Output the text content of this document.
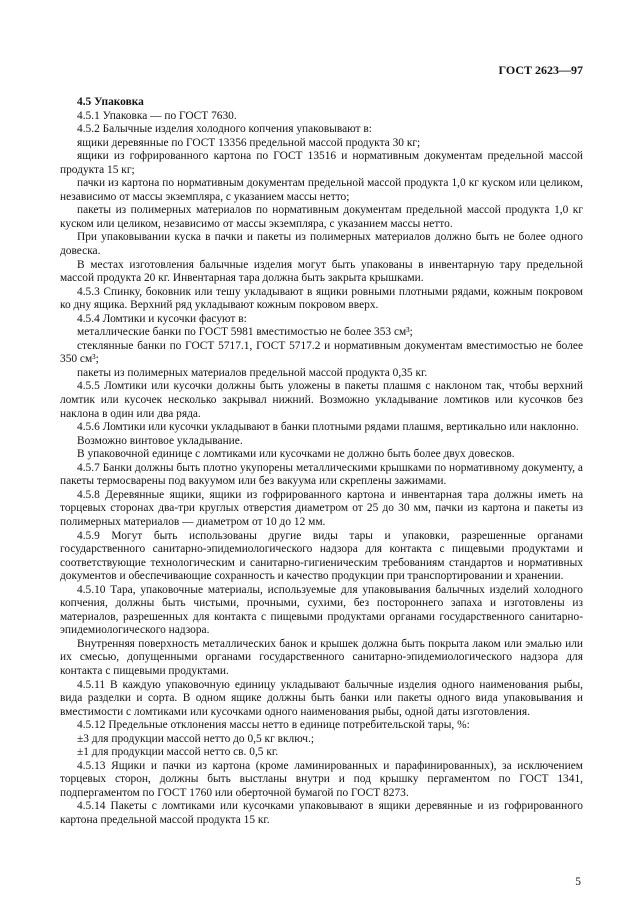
ГОСТ 2623—97

4.5 Упаковка

4.5.1 Упаковка — по ГОСТ 7630.

4.5.2 Балычные изделия холодного копчения упаковывают в:

ящики деревянные по ГОСТ 13356 предельной массой продукта 30 кг;

ящики из гофрированного картона по ГОСТ 13516 и нормативным документам предельной массой продукта 15 кг;

пачки из картона по нормативным документам предельной массой продукта 1,0 кг куском или целиком, независимо от массы экземпляра, с указанием массы нетто;

пакеты из полимерных материалов по нормативным документам предельной массой продукта 1,0 кг куском или целиком, независимо от массы экземпляра, с указанием массы нетто.

При упаковывании куска в пачки и пакеты из полимерных материалов должно быть не более одного довеска.

В местах изготовления балычные изделия могут быть упакованы в инвентарную тару предельной массой продукта 20 кг. Инвентарная тара должна быть закрыта крышками.

4.5.3 Спинку, боковник или тешу укладывают в ящики ровными плотными рядами, кожным покровом ко дну ящика. Верхний ряд укладывают кожным покровом вверх.

4.5.4 Ломтики и кусочки фасуют в:

металлические банки по ГОСТ 5981 вместимостью не более 353 см³;

стеклянные банки по ГОСТ 5717.1, ГОСТ 5717.2 и нормативным документам вместимостью не более 350 см³;

пакеты из полимерных материалов предельной массой продукта 0,35 кг.

4.5.5 Ломтики или кусочки должны быть уложены в пакеты плашмя с наклоном так, чтобы верхний ломтик или кусочек несколько закрывал нижний. Возможно укладывание ломтиков или кусочков без наклона в один или два ряда.

4.5.6 Ломтики или кусочки укладывают в банки плотными рядами плашмя, вертикально или наклонно.

Возможно винтовое укладывание.

В упаковочной единице с ломтиками или кусочками не должно быть более двух довесков.

4.5.7 Банки должны быть плотно укупорены металлическими крышками по нормативному документу, а пакеты термосварены под вакуумом или без вакуума или скреплены зажимами.

4.5.8 Деревянные ящики, ящики из гофрированного картона и инвентарная тара должны иметь на торцевых сторонах два-три круглых отверстия диаметром от 25 до 30 мм, пачки из картона и пакеты из полимерных материалов — диаметром от 10 до 12 мм.

4.5.9 Могут быть использованы другие виды тары и упаковки, разрешенные органами государственного санитарно-эпидемиологического надзора для контакта с пищевыми продуктами и соответствующие технологическим и санитарно-гигиеническим требованиям стандартов и нормативных документов и обеспечивающие сохранность и качество продукции при транспортировании и хранении.

4.5.10 Тара, упаковочные материалы, используемые для упаковывания балычных изделий холодного копчения, должны быть чистыми, прочными, сухими, без постороннего запаха и изготовлены из материалов, разрешенных для контакта с пищевыми продуктами органами государственного санитарно-эпидемиологического надзора.

Внутренняя поверхность металлических банок и крышек должна быть покрыта лаком или эмалью или их смесью, допущенными органами государственного санитарно-эпидемиологического надзора для контакта с пищевыми продуктами.

4.5.11 В каждую упаковочную единицу укладывают балычные изделия одного наименования рыбы, вида разделки и сорта. В одном ящике должны быть банки или пакеты одного вида упаковывания и вместимости с ломтиками или кусочками одного наименования рыбы, одной даты изготовления.

4.5.12 Предельные отклонения массы нетто в единице потребительской тары, %:

±3 для продукции массой нетто до 0,5 кг включ.;

±1 для продукции массой нетто св. 0,5 кг.

4.5.13 Ящики и пачки из картона (кроме ламинированных и парафинированных), за исключением торцевых сторон, должны быть выстланы внутри и под крышку пергаментом по ГОСТ 1341, подпергаментом по ГОСТ 1760 или оберточной бумагой по ГОСТ 8273.

4.5.14 Пакеты с ломтиками или кусочками упаковывают в ящики деревянные и из гофрированного картона предельной массой продукта 15 кг.

5
